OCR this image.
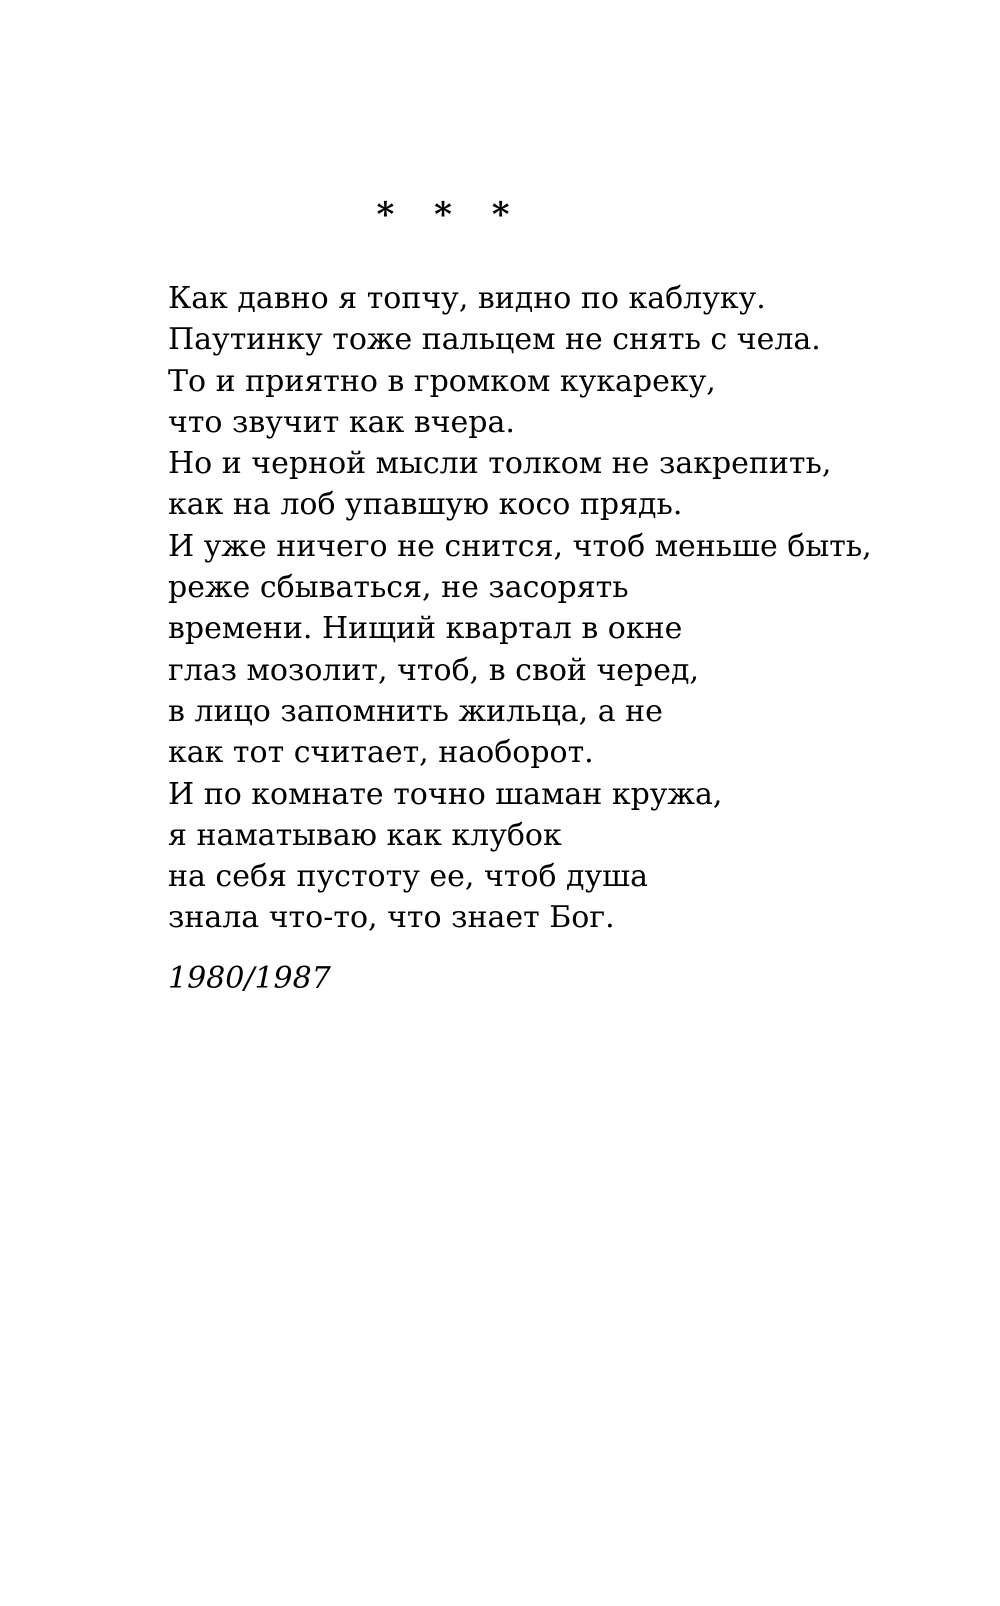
* * *
Как давно я топчу, видно по каблуку.
Паутинку тоже пальцем не снять с чела.
То и приятно в громком кукареку,
что звучит как вчера.
Но и черной мысли толком не закрепить,
как на лоб упавшую косо прядь.
И уже ничего не снится, чтоб меньше быть,
реже сбываться, не засорять
времени. Нищий квартал в окне
глаз мозолит, чтоб, в свой черед,
в лицо запомнить жильца, а не
как тот считает, наоборот.
И по комнате точно шаман кружа,
я наматываю как клубок
на себя пустоту ее, чтоб душа
знала что-то, что знает Бог.
1980/1987
